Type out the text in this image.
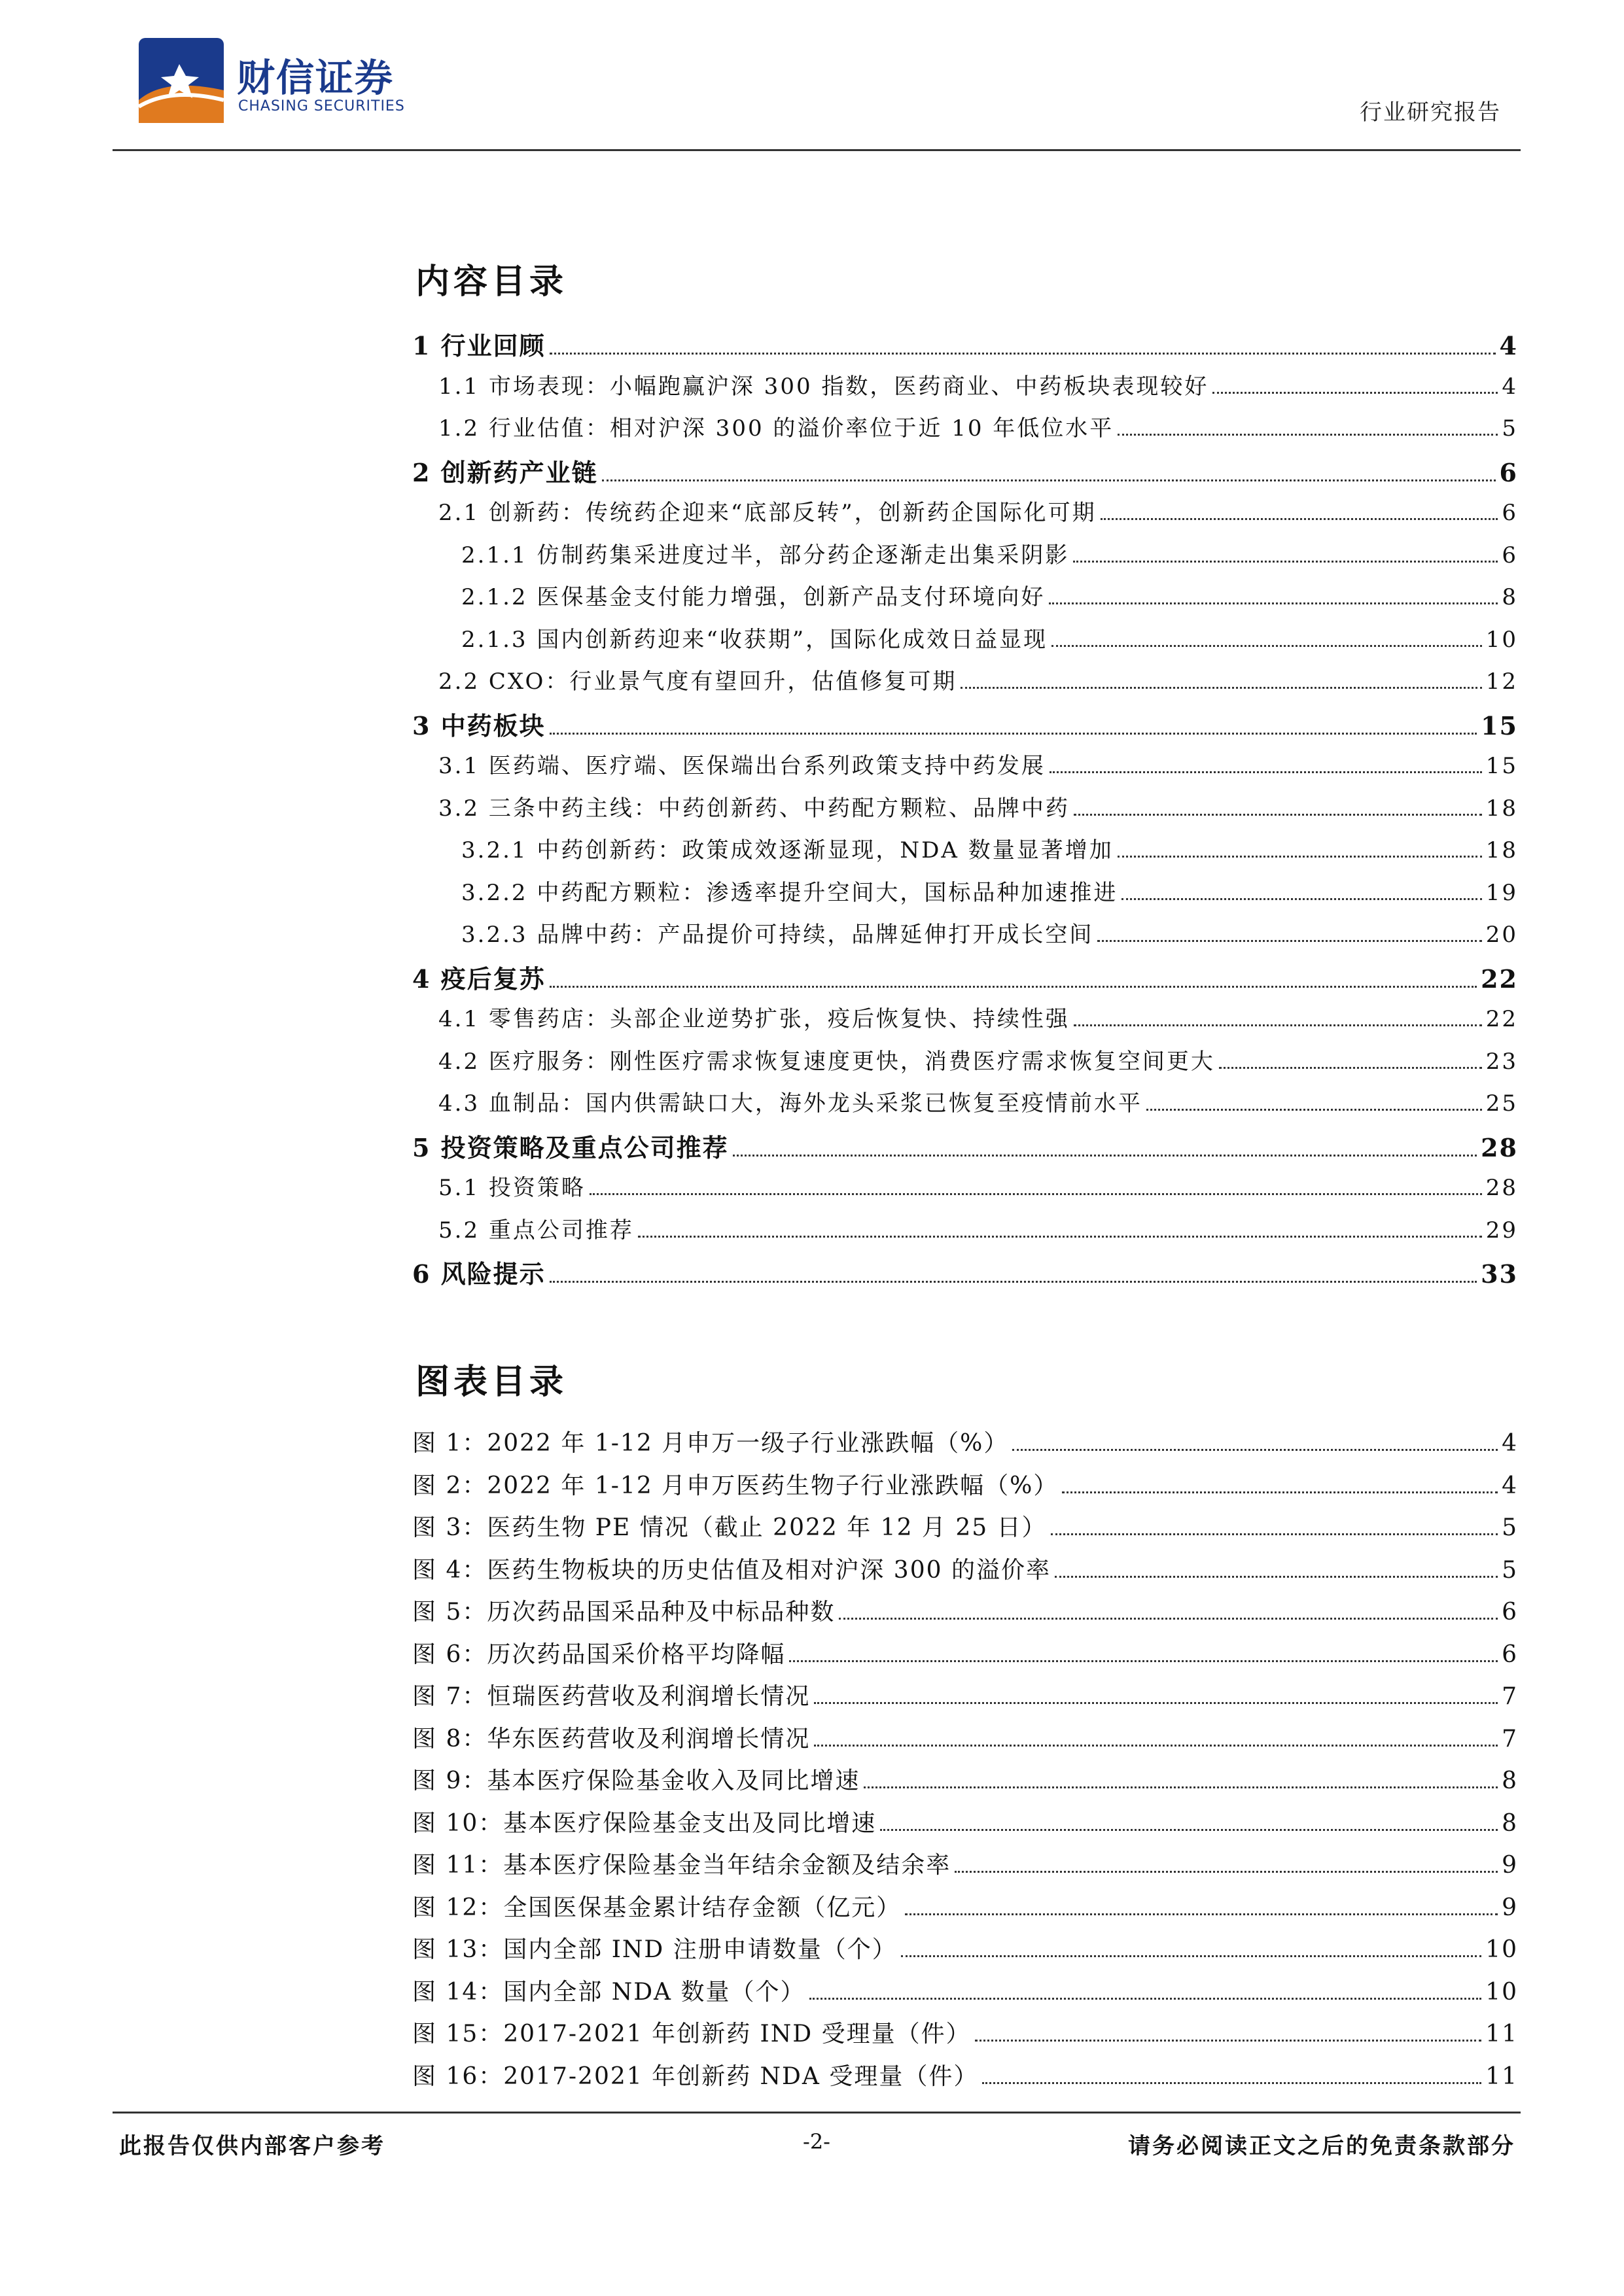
财信证券
CHASING SECURITIES	行业研究报告
内容目录
1 行业回顾	4
1.1 市场表现：小幅跑赢沪深 300 指数，医药商业、中药板块表现较好	4
1.2 行业估值：相对沪深 300 的溢价率位于近 10 年低位水平	5
2 创新药产业链	6
2.1 创新药：传统药企迎来“底部反转”，创新药企国际化可期	6
2.1.1 仿制药集采进度过半，部分药企逐渐走出集采阴影	6
2.1.2 医保基金支付能力增强，创新产品支付环境向好	8
2.1.3 国内创新药迎来“收获期”，国际化成效日益显现	10
2.2 CXO：行业景气度有望回升，估值修复可期	12
3 中药板块	15
3.1 医药端、医疗端、医保端出台系列政策支持中药发展	15
3.2 三条中药主线：中药创新药、中药配方颗粒、品牌中药	18
3.2.1 中药创新药：政策成效逐渐显现，NDA 数量显著增加	18
3.2.2 中药配方颗粒：渗透率提升空间大，国标品种加速推进	19
3.2.3 品牌中药：产品提价可持续，品牌延伸打开成长空间	20
4 疫后复苏	22
4.1 零售药店：头部企业逆势扩张，疫后恢复快、持续性强	22
4.2 医疗服务：刚性医疗需求恢复速度更快，消费医疗需求恢复空间更大	23
4.3 血制品：国内供需缺口大，海外龙头采浆已恢复至疫情前水平	25
5 投资策略及重点公司推荐	28
5.1 投资策略	28
5.2 重点公司推荐	29
6 风险提示	33
图表目录
图 1：2022 年 1-12 月申万一级子行业涨跌幅（%）	4
图 2：2022 年 1-12 月申万医药生物子行业涨跌幅（%）	4
图 3：医药生物 PE 情况（截止 2022 年 12 月 25 日）	5
图 4：医药生物板块的历史估值及相对沪深 300 的溢价率	5
图 5：历次药品国采品种及中标品种数	6
图 6：历次药品国采价格平均降幅	6
图 7：恒瑞医药营收及利润增长情况	7
图 8：华东医药营收及利润增长情况	7
图 9：基本医疗保险基金收入及同比增速	8
图 10：基本医疗保险基金支出及同比增速	8
图 11：基本医疗保险基金当年结余金额及结余率	9
图 12：全国医保基金累计结存金额（亿元）	9
图 13：国内全部 IND 注册申请数量（个）	10
图 14：国内全部 NDA 数量（个）	10
图 15：2017-2021 年创新药 IND 受理量（件）	11
图 16：2017-2021 年创新药 NDA 受理量（件）	11
此报告仅供内部客户参考	-2-	请务必阅读正文之后的免责条款部分
